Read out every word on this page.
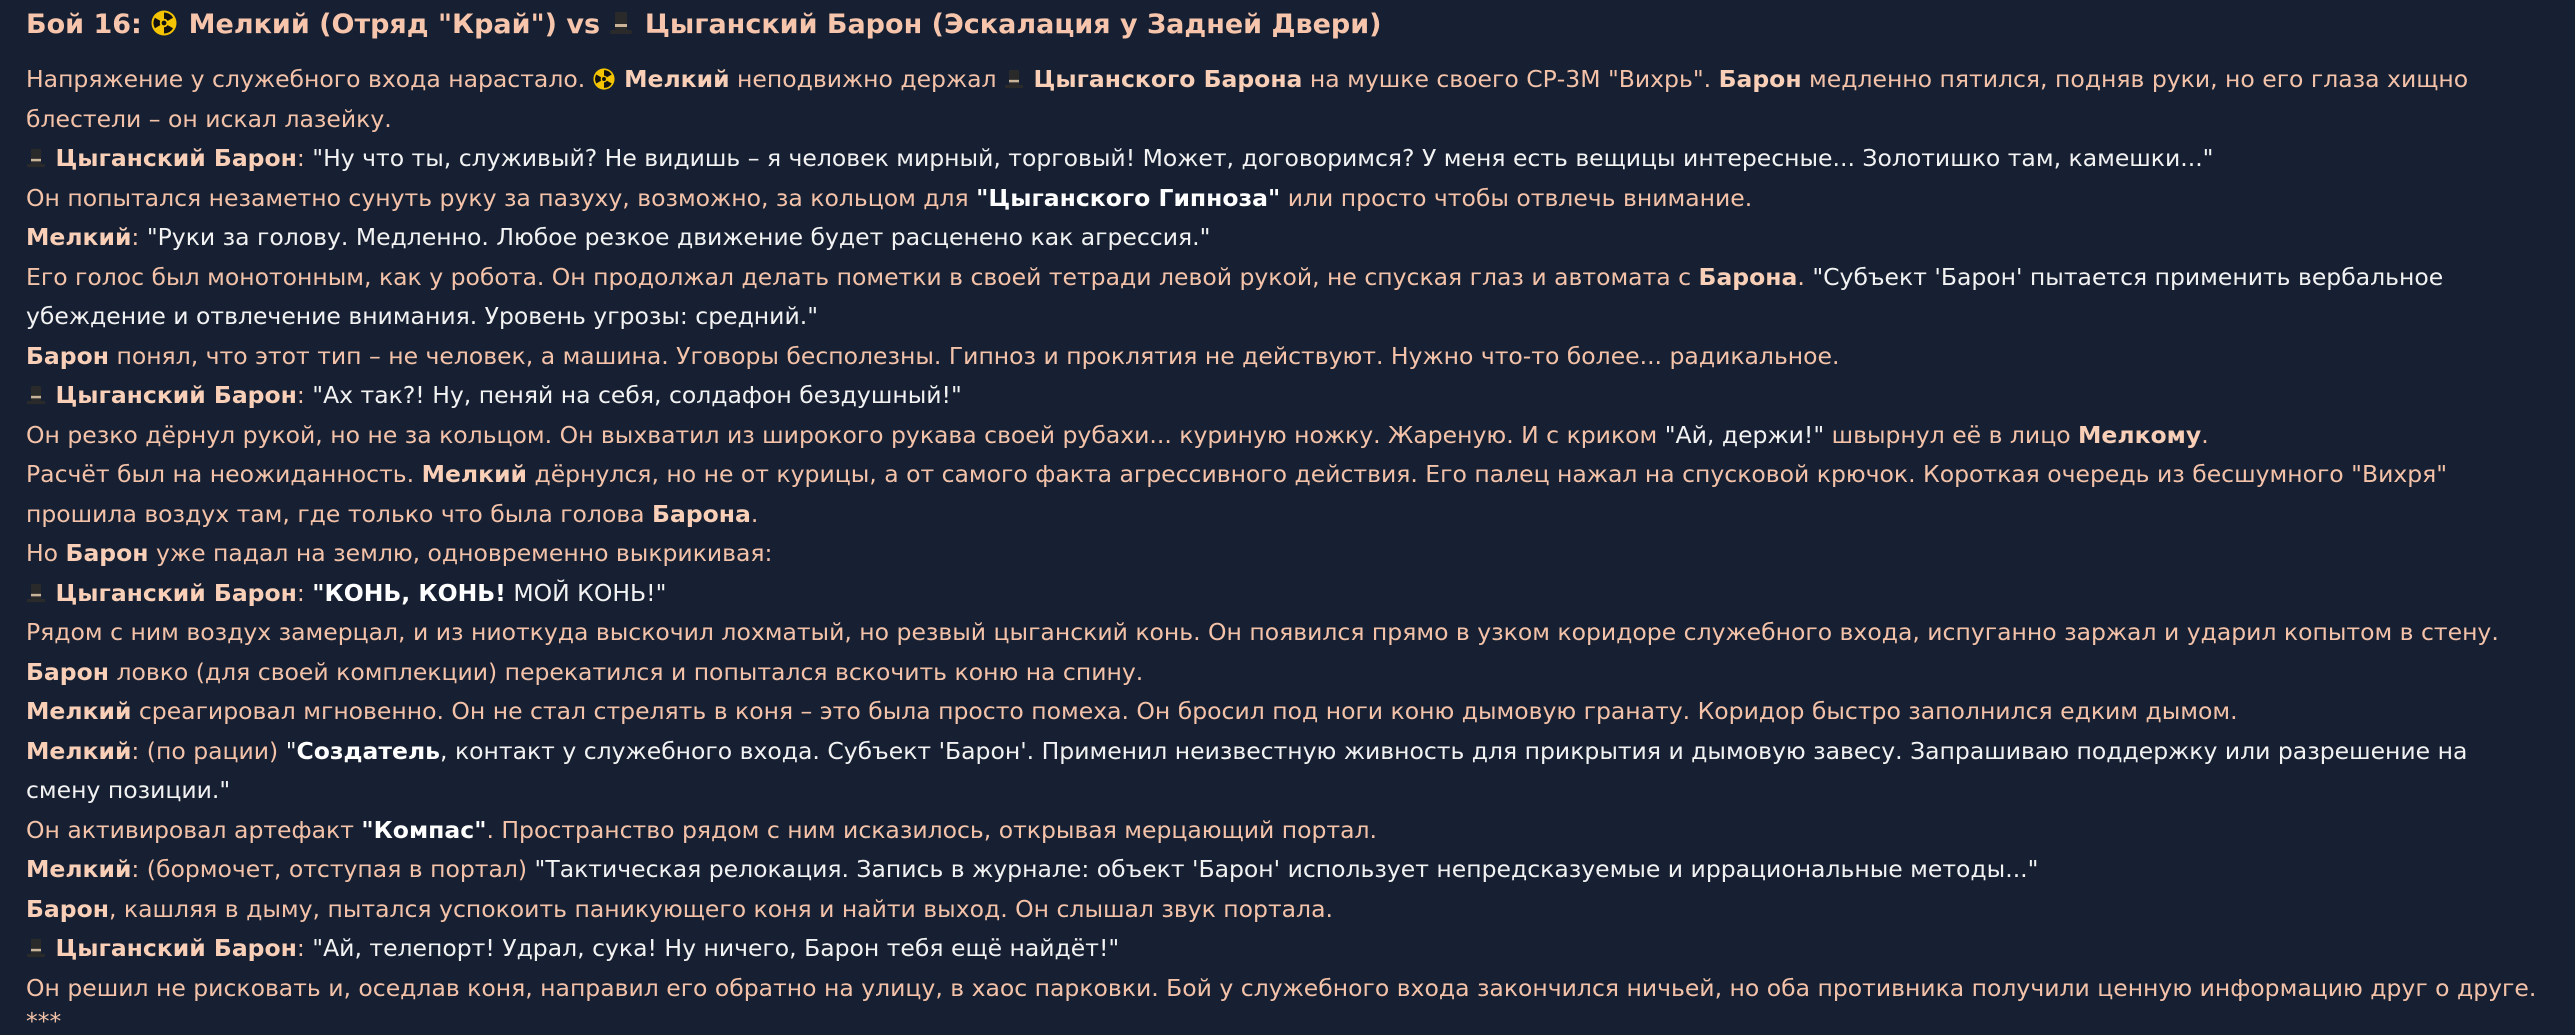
Бой 16: Мелкий (Отряд "Край") vs Цыганский Барон (Эскалация у Задней Двери)

Напряжение у служебного входа нарастало.
Мелкий неподвижно держал
Цыганского Барона на мушке своего СР-3М "Вихрь". Барон медленно пятился, подняв руки, но его глаза хищно блестели – он искал лазейку.

Цыганский Барон: "Ну что ты, служивый? Не видишь – я человек мирный, торговый! Может, договоримся? У меня есть вещицы интересные... Золотишко там, камешки..."

Он попытался незаметно сунуть руку за пазуху, возможно, за кольцом для "Цыганского Гипноза" или просто чтобы отвлечь внимание.

Мелкий: "Руки за голову. Медленно. Любое резкое движение будет расценено как агрессия."

Его голос был монотонным, как у робота. Он продолжал делать пометки в своей тетради левой рукой, не спуская глаз и автомата с Барона. "Субъект 'Барон' пытается применить вербальное убеждение и отвлечение внимания. Уровень угрозы: средний."

Барон понял, что этот тип – не человек, а машина. Уговоры бесполезны. Гипноз и проклятия не действуют. Нужно что-то более... радикальное.

Цыганский Барон: "Ах так?! Ну, пеняй на себя, солдафон бездушный!"

Он резко дёрнул рукой, но не за кольцом. Он выхватил из широкого рукава своей рубахи... куриную ножку. Жареную. И с криком "Ай, держи!" швырнул её в лицо Мелкому.

Расчёт был на неожиданность. Мелкий дёрнулся, но не от курицы, а от самого факта агрессивного действия. Его палец нажал на спусковой крючок. Короткая очередь из бесшумного "Вихря" прошила воздух там, где только что была голова Барона.

Но Барон уже падал на землю, одновременно выкрикивая:

Цыганский Барон: "КОНЬ, КОНЬ! МОЙ КОНЬ!"

Рядом с ним воздух замерцал, и из ниоткуда выскочил лохматый, но резвый цыганский конь. Он появился прямо в узком коридоре служебного входа, испуганно заржал и ударил копытом в стену. Барон ловко (для своей комплекции) перекатился и попытался вскочить коню на спину.

Мелкий среагировал мгновенно. Он не стал стрелять в коня – это была просто помеха. Он бросил под ноги коню дымовую гранату. Коридор быстро заполнился едким дымом.

Мелкий: (по рации) "Создатель, контакт у служебного входа. Субъект 'Барон'. Применил неизвестную живность для прикрытия и дымовую завесу. Запрашиваю поддержку или разрешение на смену позиции."

Он активировал артефакт "Компас". Пространство рядом с ним исказилось, открывая мерцающий портал.

Мелкий: (бормочет, отступая в портал) "Тактическая релокация. Запись в журнале: объект 'Барон' использует непредсказуемые и иррациональные методы..."

Барон, кашляя в дыму, пытался успокоить паникующего коня и найти выход. Он слышал звук портала.

Цыганский Барон: "Ай, телепорт! Удрал, сука! Ну ничего, Барон тебя ещё найдёт!"

Он решил не рисковать и, оседлав коня, направил его обратно на улицу, в хаос парковки. Бой у служебного входа закончился ничьей, но оба противника получили ценную информацию друг о друге.

***
